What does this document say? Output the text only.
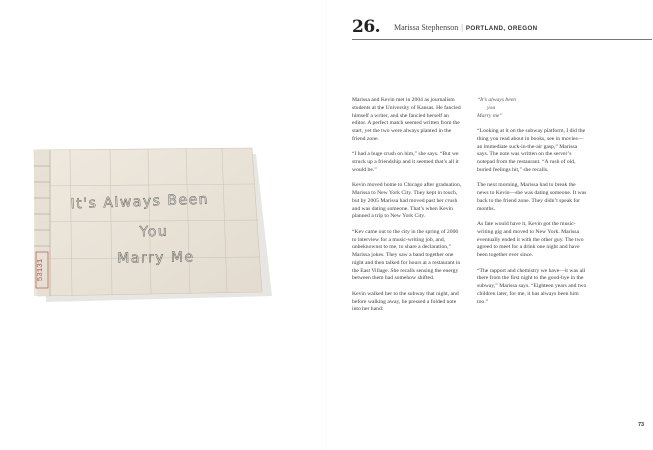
53131
It's Always Been
You
Marry Me
26. Marissa Stephenson | PORTLAND, OREGON

Marissa and Kevin met in 2004 as journalism students at the University of Kansas. He fancied himself a writer, and she fancied herself an editor. A perfect match seemed written from the start, yet the two were always planted in the friend zone.

“I had a huge crush on him,” she says. “But we struck up a friendship and it seemed that’s all it would be.”

Kevin moved home to Chicago after graduation, Marissa to New York City. They kept in touch, but by 2005 Marissa had moved past her crush and was dating someone. That’s when Kevin planned a trip to New York City.

“Kev came out to the city in the spring of 2006 to interview for a music-writing job, and, unbeknownst to me, to share a declaration,” Marissa jokes. They saw a band together one night and then talked for hours at a restaurant in the East Village. She recalls sensing the energy between them had somehow shifted.

Kevin walked her to the subway that night, and before walking away, he pressed a folded note into her hand:

“It’s always been
you
Marry me”

“Looking at it on the subway platform, I did the thing you read about in books, see in movies—an immediate suck-in-the-air gasp,” Marissa says. The note was written on the server’s notepad from the restaurant. “A rush of old, buried feelings hit,” she recalls.

The next morning, Marissa had to break the news to Kevin—she was dating someone. It was back to the friend zone. They didn’t speak for months.

As fate would have it, Kevin got the music-writing gig and moved to New York. Marissa eventually ended it with the other guy. The two agreed to meet for a drink one night and have been together ever since.

“The rapport and chemistry we have—it was all there from the first night to the good-bye in the subway,” Marissa says. “Eighteen years and two children later, for me, it has always been him too.”

73
